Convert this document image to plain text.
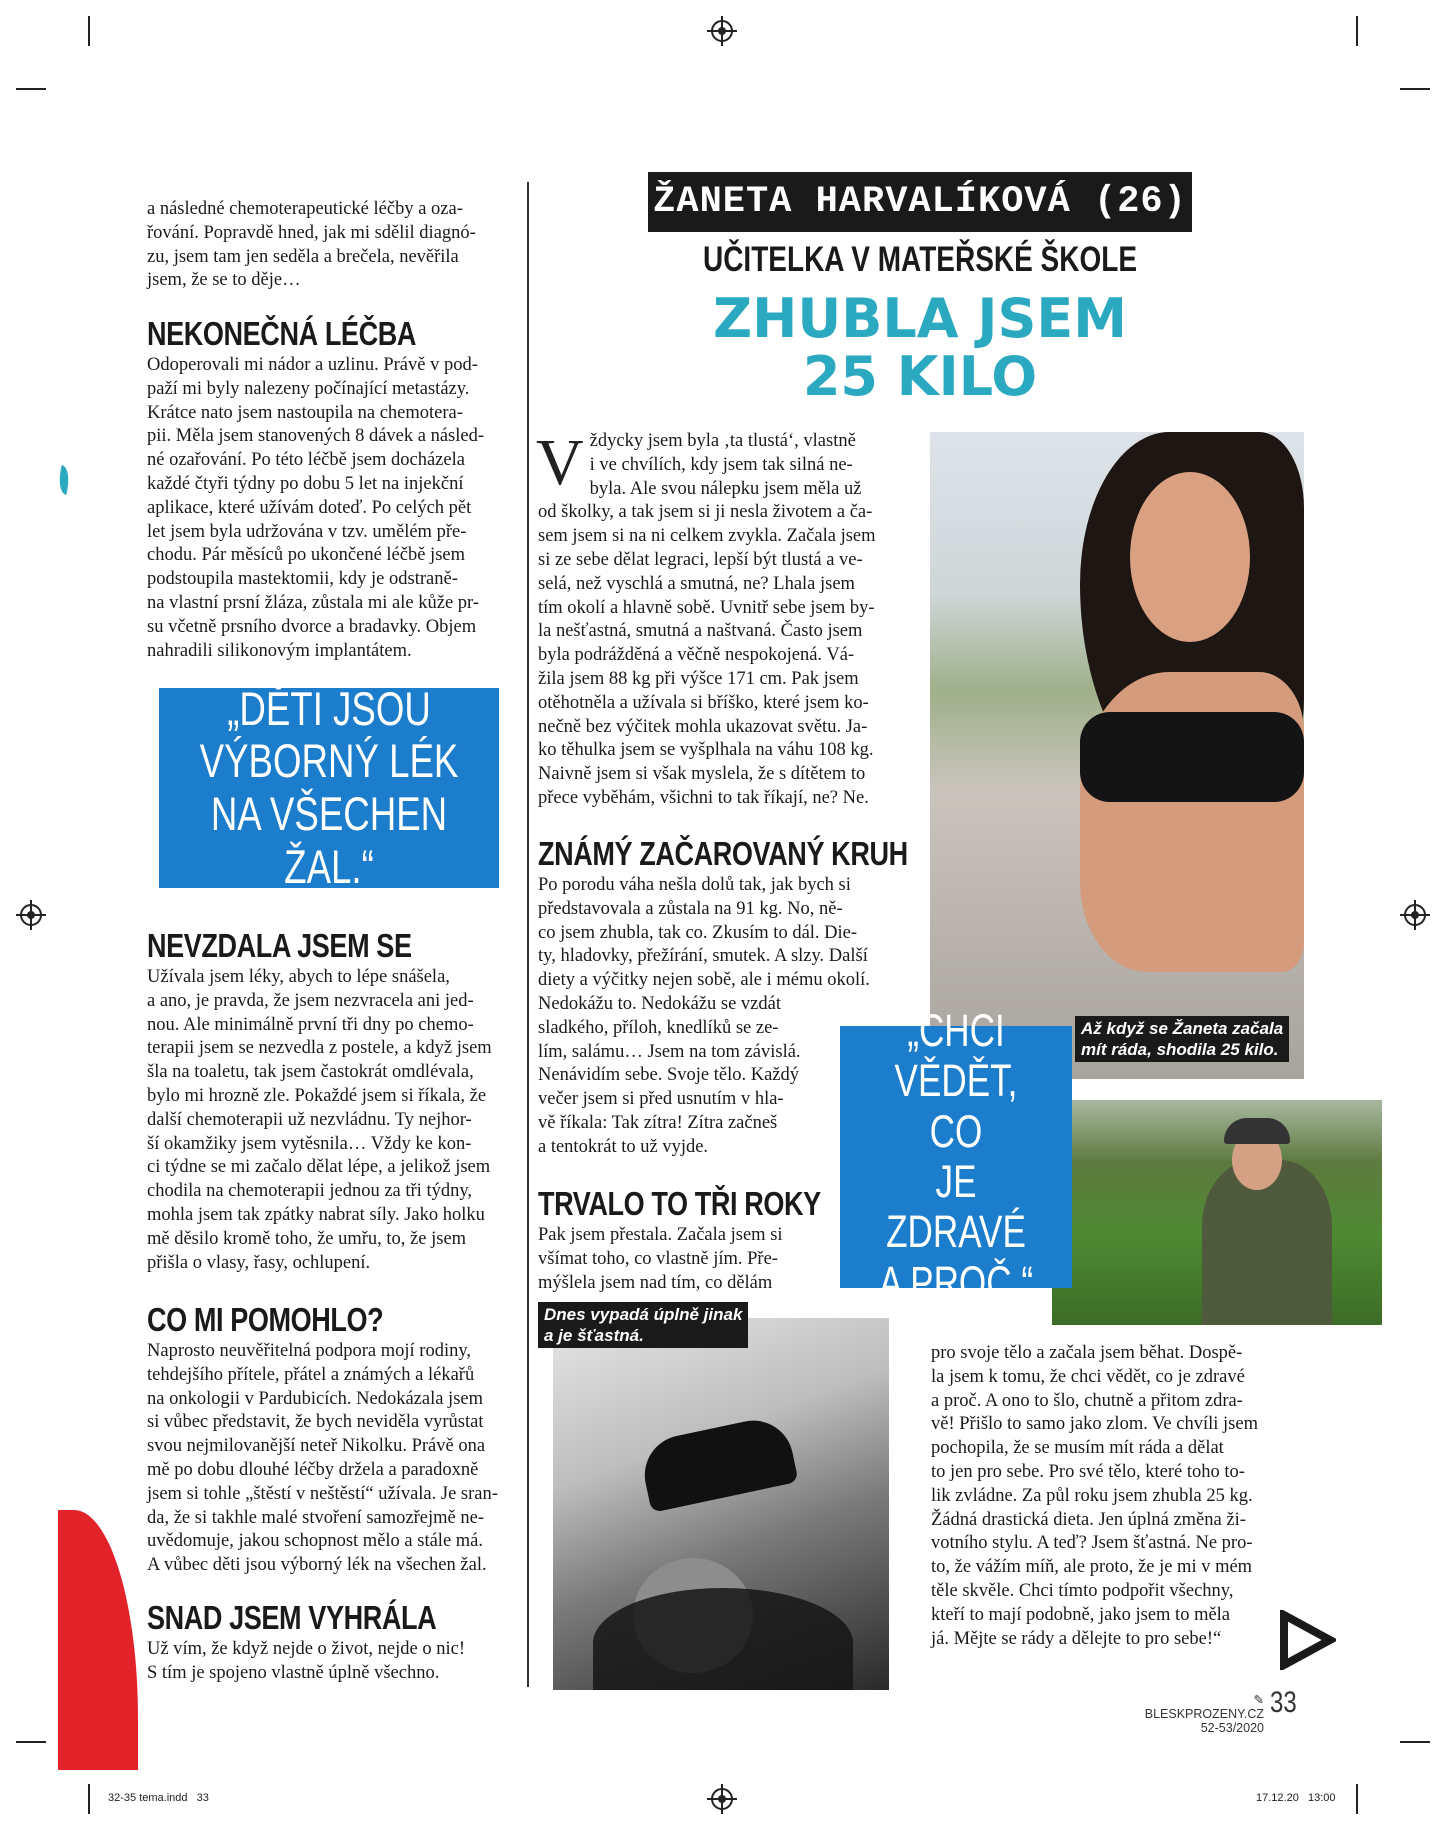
a následné chemoterapeutické léčby a oza-

řování. Popravdě hned, jak mi sdělil diagnó-

zu, jsem tam jen seděla a brečela, nevěřila

jsem, že se to děje…

NEKONEČNÁ LÉČBA

Odoperovali mi nádor a uzlinu. Právě v pod-

paží mi byly nalezeny počínající metastázy.

Krátce nato jsem nastoupila na chemotera-

pii. Měla jsem stanovených 8 dávek a násled-

né ozařování. Po této léčbě jsem docházela

každé čtyři týdny po dobu 5 let na injekční

aplikace, které užívám doteď. Po celých pět

let jsem byla udržována v tzv. umělém pře-

chodu. Pár měsíců po ukončené léčbě jsem

podstoupila mastektomii, kdy je odstraně-

na vlastní prsní žláza, zůstala mi ale kůže pr-

su včetně prsního dvorce a bradavky. Objem

nahradili silikonovým implantátem.

„DĚTI JSOU
VÝBORNÝ LÉK
NA VŠECHEN ŽAL.“
NEVZDALA JSEM SE

Užívala jsem léky, abych to lépe snášela,

a ano, je pravda, že jsem nezvracela ani jed-

nou. Ale minimálně první tři dny po chemo-

terapii jsem se nezvedla z postele, a když jsem

šla na toaletu, tak jsem častokrát omdlévala,

bylo mi hrozně zle. Pokaždé jsem si říkala, že

další chemoterapii už nezvládnu. Ty nejhor-

ší okamžiky jsem vytěsnila… Vždy ke kon-

ci týdne se mi začalo dělat lépe, a jelikož jsem

chodila na chemoterapii jednou za tři týdny,

mohla jsem tak zpátky nabrat síly. Jako holku

mě děsilo kromě toho, že umřu, to, že jsem

přišla o vlasy, řasy, ochlupení.

CO MI POMOHLO?

Naprosto neuvěřitelná podpora mojí rodiny,

tehdejšího přítele, přátel a známých a lékařů

na onkologii v Pardubicích. Nedokázala jsem

si vůbec představit, že bych neviděla vyrůstat

svou nejmilovanější neteř Nikolku. Právě ona

mě po dobu dlouhé léčby držela a paradoxně

jsem si tohle „štěstí v neštěstí“ užívala. Je sran-

da, že si takhle malé stvoření samozřejmě ne-

uvědomuje, jakou schopnost mělo a stále má.

A vůbec děti jsou výborný lék na všechen žal.

SNAD JSEM VYHRÁLA

Už vím, že když nejde o život, nejde o nic!

S tím je spojeno vlastně úplně všechno.

ŽANETA HARVALÍKOVÁ (26)
UČITELKA V MATEŘSKÉ ŠKOLE
ZHUBLA JSEM
25 KILO
V ždycky jsem byla ‚ta tlustá‘, vlastně

i ve chvílích, kdy jsem tak silná ne-

byla. Ale svou nálepku jsem měla už

od školky, a tak jsem si ji nesla životem a ča-

sem jsem si na ni celkem zvykla. Začala jsem

si ze sebe dělat legraci, lepší být tlustá a ve-

selá, než vyschlá a smutná, ne? Lhala jsem

tím okolí a hlavně sobě. Uvnitř sebe jsem by-

la nešťastná, smutná a naštvaná. Často jsem

byla podrážděná a věčně nespokojená. Vá-

žila jsem 88 kg při výšce 171 cm. Pak jsem

otěhotněla a užívala si bříško, které jsem ko-

nečně bez výčitek mohla ukazovat světu. Ja-

ko těhulka jsem se vyšplhala na váhu 108 kg.

Naivně jsem si však myslela, že s dítětem to

přece vyběhám, všichni to tak říkají, ne? Ne.

ZNÁMÝ ZAČAROVANÝ KRUH

Po porodu váha nešla dolů tak, jak bych si

představovala a zůstala na 91 kg. No, ně-

co jsem zhubla, tak co. Zkusím to dál. Die-

ty, hladovky, přežírání, smutek. A slzy. Další

diety a výčitky nejen sobě, ale i mému okolí.

Nedokážu to. Nedokážu se vzdát

sladkého, příloh, knedlíků se ze-

lím, salámu… Jsem na tom závislá.

Nenávidím sebe. Svoje tělo. Každý

večer jsem si před usnutím v hla-

vě říkala: Tak zítra! Zítra začneš

a tentokrát to už vyjde.

TRVALO TO TŘI ROKY

Pak jsem přestala. Začala jsem si

všímat toho, co vlastně jím. Pře-

mýšlela jsem nad tím, co dělám

Dnes vypadá úplně jinak
a je šťastná.
Až když se Žaneta začala
mít ráda, shodila 25 kilo.
„CHCI
VĚDĚT, CO
JE ZDRAVÉ
A PROČ.“

pro svoje tělo a začala jsem běhat. Dospě-

la jsem k tomu, že chci vědět, co je zdravé

a proč. A ono to šlo, chutně a přitom zdra-

vě! Přišlo to samo jako zlom. Ve chvíli jsem

pochopila, že se musím mít ráda a dělat

to jen pro sebe. Pro své tělo, které toho to-

lik zvládne. Za půl roku jsem zhubla 25 kg.

Žádná drastická dieta. Jen úplná změna ži-

votního stylu. A teď? Jsem šťastná. Ne pro-

to, že vážím míň, ale proto, že je mi v mém

těle skvěle. Chci tímto podpořit všechny,

kteří to mají podobně, jako jsem to měla

já. Mějte se rády a dělejte to pro sebe!“

✎ BLESKPROZENY.CZ
52-53/2020
33
32-35 tema.indd   33	17.12.20   13:00
